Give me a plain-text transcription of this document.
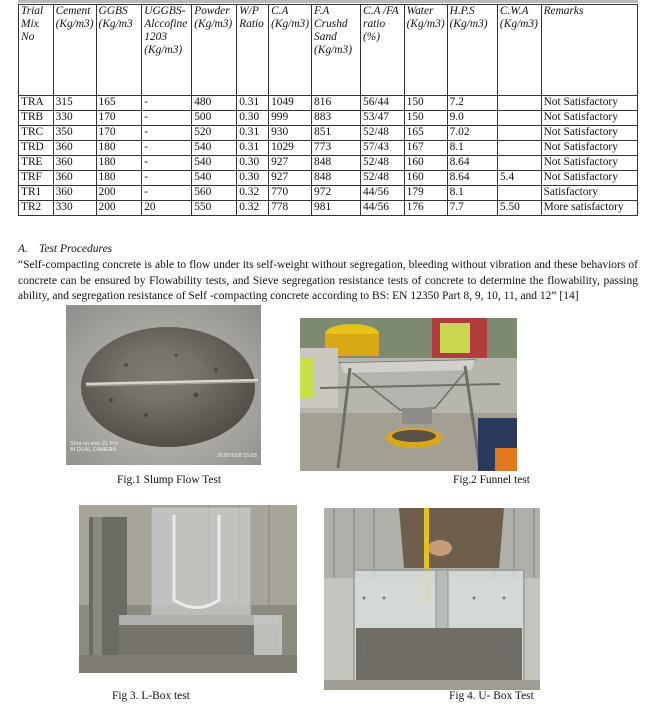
Trial Mix No	Cement (Kg/m3)	GGBS (Kg/m3	UGGBS-Alccofine 1203 (Kg/m3)	Powder (Kg/m3)	W/P Ratio	C.A (Kg/m3)	F.A Crushd Sand (Kg/m3)	C.A /FA ratio (%)	Water (Kg/m3)	H.P.S (Kg/m3)	C.W.A (Kg/m3)	Remarks
TRA	315	165	-	480	0.31	1049	816	56/44	150	7.2		Not Satisfactory
TRB	330	170	-	500	0.30	999	883	53/47	150	9.0		Not Satisfactory
TRC	350	170	-	520	0.31	930	851	52/48	165	7.02		Not Satisfactory
TRD	360	180	-	540	0.31	1029	773	57/43	167	8.1		Not Satisfactory
TRE	360	180	-	540	0.30	927	848	52/48	160	8.64		Not Satisfactory
TRF	360	180	-	540	0.30	927	848	52/48	160	8.64	5.4	Not Satisfactory
TR1	360	200	-	560	0.32	770	972	44/56	179	8.1		Satisfactory
TR2	330	200	20	550	0.32	778	981	44/56	176	7.7	5.50	More satisfactory
A. Test Procedures
“Self-compacting concrete is able to flow under its self-weight without segregation, bleeding without vibration and these behaviors of concrete can be ensured by Flowability tests, and Sieve segregation resistance tests of concrete to determine the flowability, passing ability, and segregation resistance of Self -compacting concrete according to BS: EN 12350 Part 8, 9, 10, 11, and 12” [14]
Shot on vivo Z1 Pro
AI DUAL CAMERA
2020/10/8 15:03
Fig.1 Slump Flow Test	Fig.2 Funnel test
Fig 3. L-Box test	Fig 4. U- Box Test
